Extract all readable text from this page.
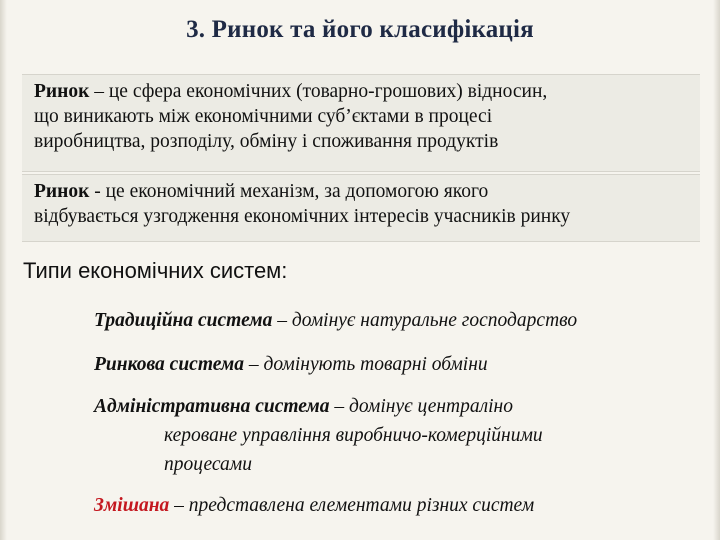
3. Ринок та його класифікація
Ринок – це сфера економічних (товарно-грошових) відносин,
що виникають між економічними суб’єктами в процесі
виробництва, розподілу, обміну і споживання продуктів
Ринок - це економічний механізм, за допомогою якого
відбувається узгодження економічних інтересів учасників ринку
Типи економічних систем:
Традиційна система – домінує натуральне господарство
Ринкова система – домінують товарні обміни
Адміністративна система – домінує централіно
кероване управління виробничо-комерційними
процесами
Змішана – представлена елементами різних систем
